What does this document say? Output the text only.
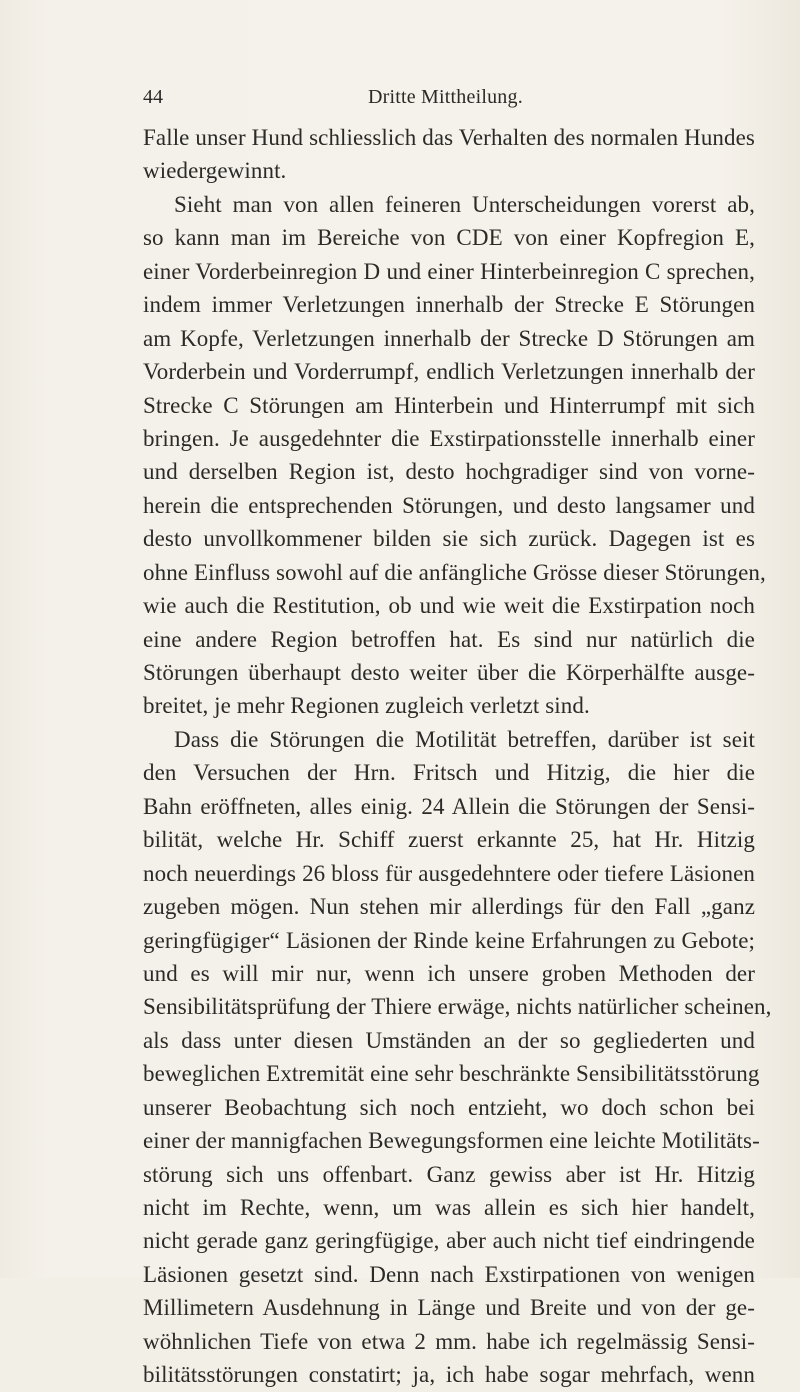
44	Dritte Mittheilung.
Falle unser Hund schliesslich das Verhalten des normalen Hundes
wiedergewinnt.
Sieht man von allen feineren Unterscheidungen vorerst ab,
so kann man im Bereiche von CDE von einer Kopfregion E,
einer Vorderbeinregion D und einer Hinterbeinregion C sprechen,
indem immer Verletzungen innerhalb der Strecke E Störungen
am Kopfe, Verletzungen innerhalb der Strecke D Störungen am
Vorderbein und Vorderrumpf, endlich Verletzungen innerhalb der
Strecke C Störungen am Hinterbein und Hinterrumpf mit sich
bringen. Je ausgedehnter die Exstirpationsstelle innerhalb einer
und derselben Region ist, desto hochgradiger sind von vorne-
herein die entsprechenden Störungen, und desto langsamer und
desto unvollkommener bilden sie sich zurück. Dagegen ist es
ohne Einfluss sowohl auf die anfängliche Grösse dieser Störungen,
wie auch die Restitution, ob und wie weit die Exstirpation noch
eine andere Region betroffen hat. Es sind nur natürlich die
Störungen überhaupt desto weiter über die Körperhälfte ausge-
breitet, je mehr Regionen zugleich verletzt sind.
Dass die Störungen die Motilität betreffen, darüber ist seit
den Versuchen der Hrn. Fritsch und Hitzig, die hier die
Bahn eröffneten, alles einig. 24 Allein die Störungen der Sensi-
bilität, welche Hr. Schiff zuerst erkannte 25, hat Hr. Hitzig
noch neuerdings 26 bloss für ausgedehntere oder tiefere Läsionen
zugeben mögen. Nun stehen mir allerdings für den Fall „ganz
geringfügiger“ Läsionen der Rinde keine Erfahrungen zu Gebote;
und es will mir nur, wenn ich unsere groben Methoden der
Sensibilitätsprüfung der Thiere erwäge, nichts natürlicher scheinen,
als dass unter diesen Umständen an der so gegliederten und
beweglichen Extremität eine sehr beschränkte Sensibilitätsstörung
unserer Beobachtung sich noch entzieht, wo doch schon bei
einer der mannigfachen Bewegungsformen eine leichte Motilitäts-
störung sich uns offenbart. Ganz gewiss aber ist Hr. Hitzig
nicht im Rechte, wenn, um was allein es sich hier handelt,
nicht gerade ganz geringfügige, aber auch nicht tief eindringende
Läsionen gesetzt sind. Denn nach Exstirpationen von wenigen
Millimetern Ausdehnung in Länge und Breite und von der ge-
wöhnlichen Tiefe von etwa 2 mm. habe ich regelmässig Sensi-
bilitätsstörungen constatirt; ja, ich habe sogar mehrfach, wenn
